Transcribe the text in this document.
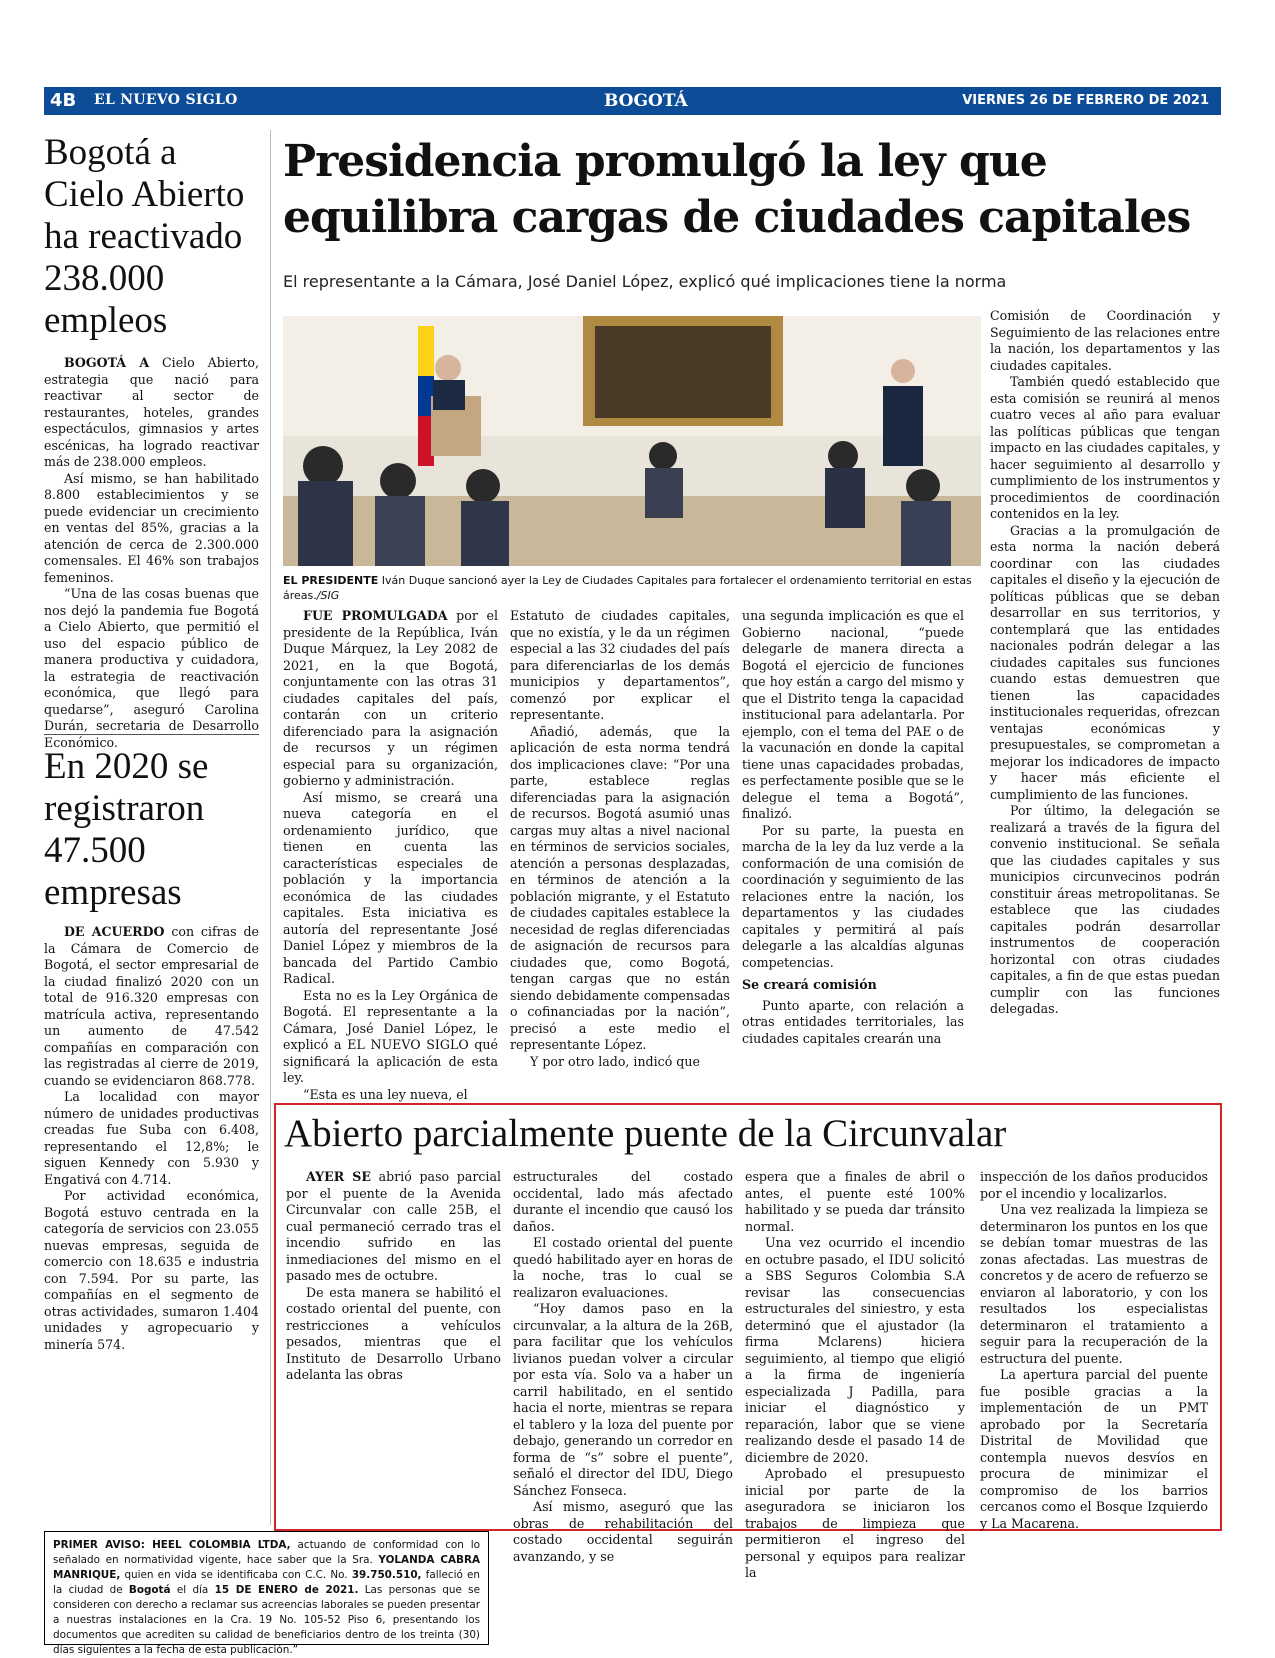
4B EL NUEVO SIGLO	BOGOTÁ	VIERNES 26 DE FEBRERO DE 2021
Bogotá a Cielo Abierto ha reactivado 238.000 empleos

BOGOTÁ A Cielo Abierto, estrategia que nació para reactivar al sector de restaurantes, hoteles, grandes espectáculos, gimnasios y artes escénicas, ha logrado reactivar más de 238.000 empleos.

Así mismo, se han habilitado 8.800 establecimientos y se puede evidenciar un crecimiento en ventas del 85%, gracias a la atención de cerca de 2.300.000 comensales. El 46% son trabajos femeninos.

“Una de las cosas buenas que nos dejó la pandemia fue Bogotá a Cielo Abierto, que permitió el uso del espacio público de manera productiva y cuidadora, la estrategia de reactivación económica, que llegó para quedarse”, aseguró Carolina Durán, secretaria de Desarrollo Económico.

En 2020 se registraron 47.500 empresas

DE ACUERDO con cifras de la Cámara de Comercio de Bogotá, el sector empresarial de la ciudad finalizó 2020 con un total de 916.320 empresas con matrícula activa, representando un aumento de 47.542 compañías en comparación con las registradas al cierre de 2019, cuando se evidenciaron 868.778.

La localidad con mayor número de unidades productivas creadas fue Suba con 6.408, representando el 12,8%; le siguen Kennedy con 5.930 y Engativá con 4.714.

Por actividad económica, Bogotá estuvo centrada en la categoría de servicios con 23.055 nuevas empresas, seguida de comercio con 18.635 e industria con 7.594. Por su parte, las compañías en el segmento de otras actividades, sumaron 1.404 unidades y agropecuario y minería 574.

PRIMER AVISO: HEEL COLOMBIA LTDA, actuando de conformidad con lo señalado en normatividad vigente, hace saber que la Sra. YOLANDA CABRA MANRIQUE, quien en vida se identificaba con C.C. No. 39.750.510, falleció en la ciudad de Bogotá el día 15 DE ENERO de 2021. Las personas que se consideren con derecho a reclamar sus acreencias laborales se pueden presentar a nuestras instalaciones en la Cra. 19 No. 105-52 Piso 6, presentando los documentos que acrediten su calidad de beneficiarios dentro de los treinta (30) días siguientes a la fecha de esta publicación.”
Presidencia promulgó la ley que equilibra cargas de ciudades capitales
El representante a la Cámara, José Daniel López, explicó qué implicaciones tiene la norma
EL PRESIDENTE Iván Duque sancionó ayer la Ley de Ciudades Capitales para fortalecer el ordenamiento territorial en estas áreas./SIG

FUE PROMULGADA por el presidente de la República, Iván Duque Márquez, la Ley 2082 de 2021, en la que Bogotá, conjuntamente con las otras 31 ciudades capitales del país, contarán con un criterio diferenciado para la asignación de recursos y un régimen especial para su organización, gobierno y administración.

Así mismo, se creará una nueva categoría en el ordenamiento jurídico, que tienen en cuenta las características especiales de población y la importancia económica de las ciudades capitales. Esta iniciativa es autoría del representante José Daniel López y miembros de la bancada del Partido Cambio Radical.

Esta no es la Ley Orgánica de Bogotá. El representante a la Cámara, José Daniel López, le explicó a EL NUEVO SIGLO qué significará la aplicación de esta ley.

“Esta es una ley nueva, el

Estatuto de ciudades capitales, que no existía, y le da un régimen especial a las 32 ciudades del país para diferenciarlas de los demás municipios y departamentos”, comenzó por explicar el representante.

Añadió, además, que la aplicación de esta norma tendrá dos implicaciones clave: “Por una parte, establece reglas diferenciadas para la asignación de recursos. Bogotá asumió unas cargas muy altas a nivel nacional en términos de servicios sociales, atención a personas desplazadas, en términos de atención a la población migrante, y el Estatuto de ciudades capitales establece la necesidad de reglas diferenciadas de asignación de recursos para ciudades que, como Bogotá, tengan cargas que no están siendo debidamente compensadas o cofinanciadas por la nación”, precisó a este medio el representante López.

Y por otro lado, indicó que

una segunda implicación es que el Gobierno nacional, “puede delegarle de manera directa a Bogotá el ejercicio de funciones que hoy están a cargo del mismo y que el Distrito tenga la capacidad institucional para adelantarla. Por ejemplo, con el tema del PAE o de la vacunación en donde la capital tiene unas capacidades probadas, es perfectamente posible que se le delegue el tema a Bogotá”, finalizó.

Por su parte, la puesta en marcha de la ley da luz verde a la conformación de una comisión de coordinación y seguimiento de las relaciones entre la nación, los departamentos y las ciudades capitales y permitirá al país delegarle a las alcaldías algunas competencias.

Se creará comisión

Punto aparte, con relación a otras entidades territoriales, las ciudades capitales crearán una

Comisión de Coordinación y Seguimiento de las relaciones entre la nación, los departamentos y las ciudades capitales.

También quedó establecido que esta comisión se reunirá al menos cuatro veces al año para evaluar las políticas públicas que tengan impacto en las ciudades capitales, y hacer seguimiento al desarrollo y cumplimiento de los instrumentos y procedimientos de coordinación contenidos en la ley.

Gracias a la promulgación de esta norma la nación deberá coordinar con las ciudades capitales el diseño y la ejecución de políticas públicas que se deban desarrollar en sus territorios, y contemplará que las entidades nacionales podrán delegar a las ciudades capitales sus funciones cuando estas demuestren que tienen las capacidades institucionales requeridas, ofrezcan ventajas económicas y presupuestales, se comprometan a mejorar los indicadores de impacto y hacer más eficiente el cumplimiento de las funciones.

Por último, la delegación se realizará a través de la figura del convenio institucional. Se señala que las ciudades capitales y sus municipios circunvecinos podrán constituir áreas metropolitanas. Se establece que las ciudades capitales podrán desarrollar instrumentos de cooperación horizontal con otras ciudades capitales, a fin de que estas puedan cumplir con las funciones delegadas.

Abierto parcialmente puente de la Circunvalar

AYER SE abrió paso parcial por el puente de la Avenida Circunvalar con calle 25B, el cual permaneció cerrado tras el incendio sufrido en las inmediaciones del mismo en el pasado mes de octubre.

De esta manera se habilitó el costado oriental del puente, con restricciones a vehículos pesados, mientras que el Instituto de Desarrollo Urbano adelanta las obras

estructurales del costado occidental, lado más afectado durante el incendio que causó los daños.

El costado oriental del puente quedó habilitado ayer en horas de la noche, tras lo cual se realizaron evaluaciones.

“Hoy damos paso en la circunvalar, a la altura de la 26B, para facilitar que los vehículos livianos puedan volver a circular por esta vía. Solo va a haber un carril habilitado, en el sentido hacia el norte, mientras se repara el tablero y la loza del puente por debajo, generando un corredor en forma de “s” sobre el puente”, señaló el director del IDU, Diego Sánchez Fonseca.

Así mismo, aseguró que las obras de rehabilitación del costado occidental seguirán avanzando, y se

espera que a finales de abril o antes, el puente esté 100% habilitado y se pueda dar tránsito normal.

Una vez ocurrido el incendio en octubre pasado, el IDU solicitó a SBS Seguros Colombia S.A revisar las consecuencias estructurales del siniestro, y esta determinó que el ajustador (la firma Mclarens) hiciera seguimiento, al tiempo que eligió a la firma de ingeniería especializada J Padilla, para iniciar el diagnóstico y reparación, labor que se viene realizando desde el pasado 14 de diciembre de 2020.

Aprobado el presupuesto inicial por parte de la aseguradora se iniciaron los trabajos de limpieza que permitieron el ingreso del personal y equipos para realizar la

inspección de los daños producidos por el incendio y localizarlos.

Una vez realizada la limpieza se determinaron los puntos en los que se debían tomar muestras de las zonas afectadas. Las muestras de concretos y de acero de refuerzo se enviaron al laboratorio, y con los resultados los especialistas determinaron el tratamiento a seguir para la recuperación de la estructura del puente.

La apertura parcial del puente fue posible gracias a la implementación de un PMT aprobado por la Secretaría Distrital de Movilidad que contempla nuevos desvíos en procura de minimizar el compromiso de los barrios cercanos como el Bosque Izquierdo y La Macarena.
